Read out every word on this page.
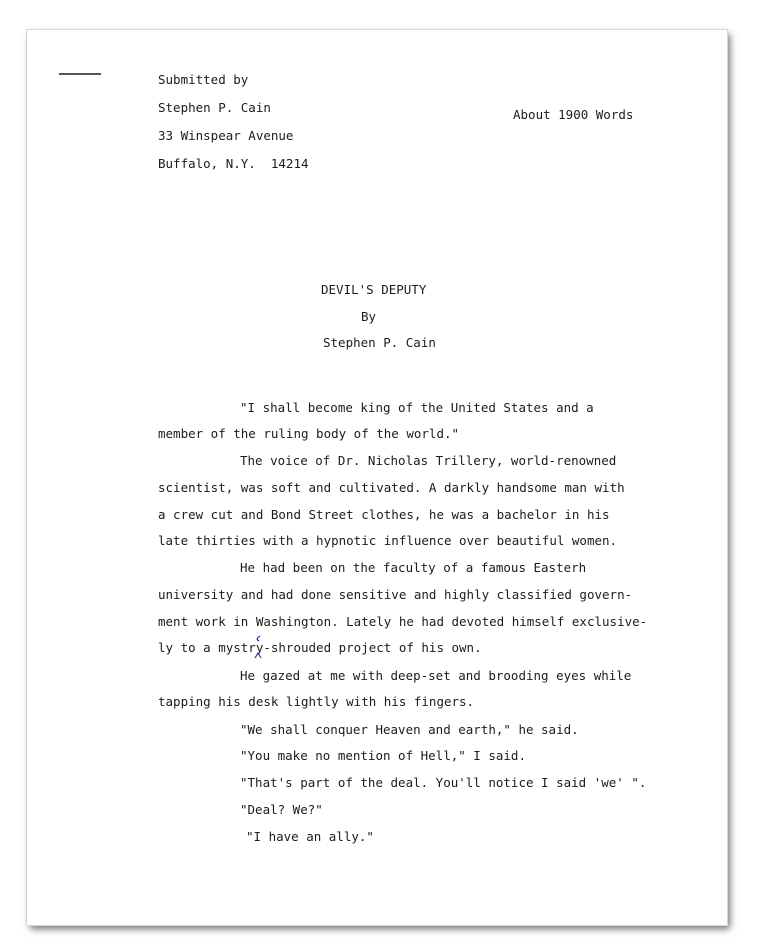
Submitted by
Stephen P. Cain
33 Winspear Avenue
Buffalo, N.Y.  14214
About 1900 Words
DEVIL'S DEPUTY
By
Stephen P. Cain
"I shall become king of the United States and a
member of the ruling body of the world."
The voice of Dr. Nicholas Trillery, world-renowned
scientist, was soft and cultivated. A darkly handsome man with
a crew cut and Bond Street clothes, he was a bachelor in his
late thirties with a hypnotic influence over beautiful women.
He had been on the faculty of a famous Easterh
university and had done sensitive and highly classified govern-
ment work in Washington. Lately he had devoted himself exclusive-
ly to a mystry-shrouded project of his own.
He gazed at me with deep-set and brooding eyes while
tapping his desk lightly with his fingers.
"We shall conquer Heaven and earth," he said.
"You make no mention of Hell," I said.
"That's part of the deal. You'll notice I said 'we' ".
"Deal? We?"
"I have an ally."
